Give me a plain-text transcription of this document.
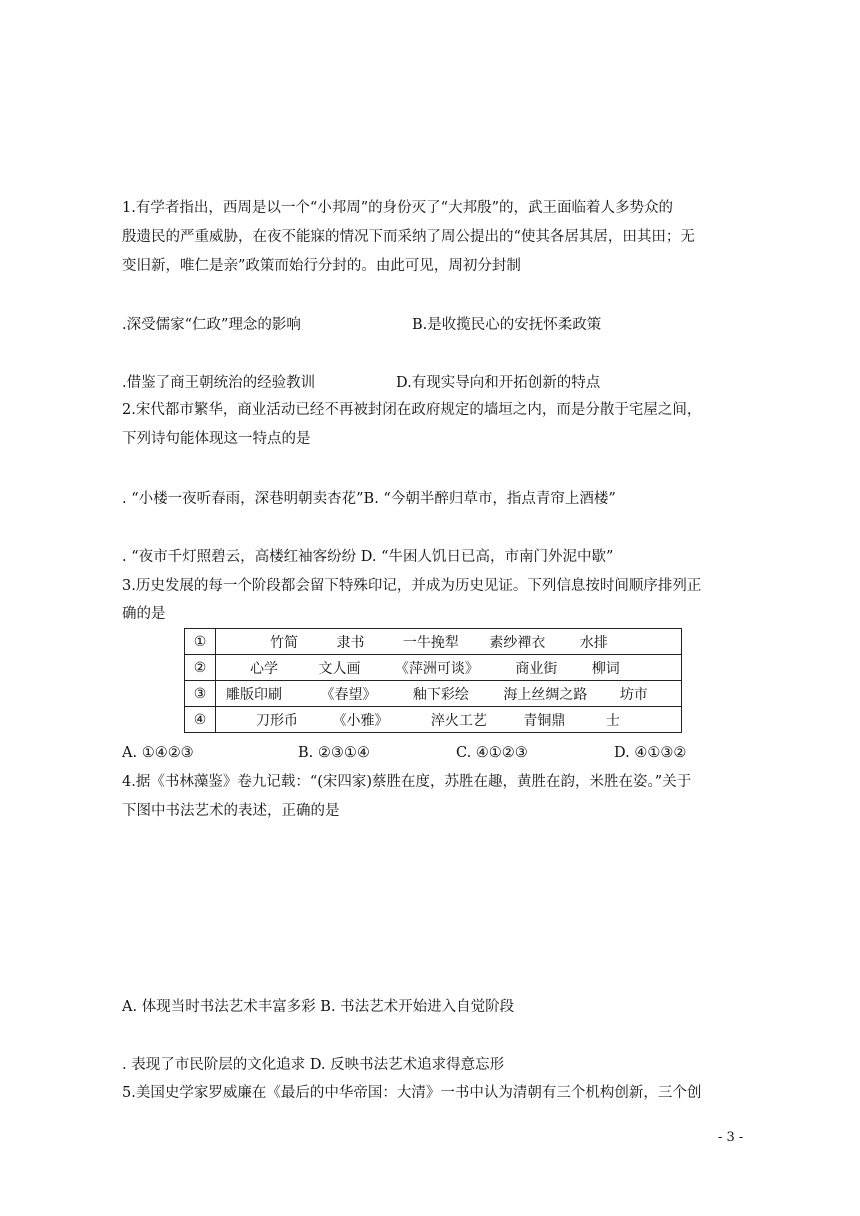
1.有学者指出，西周是以一个“小邦周”的身份灭了“大邦殷”的，武王面临着人多势众的
殷遗民的严重威胁，在夜不能寐的情况下而采纳了周公提出的“使其各居其居，田其田；无
变旧新，唯仁是亲”政策而始行分封的。由此可见，周初分封制
.深受儒家“仁政”理念的影响	B.是收揽民心的安抚怀柔政策
.借鉴了商王朝统治的经验教训	D.有现实导向和开拓创新的特点
2.宋代都市繁华，商业活动已经不再被封闭在政府规定的墙垣之内，而是分散于宅屋之间，
下列诗句能体现这一特点的是
. “小楼一夜听春雨，深巷明朝卖杏花”B. “今朝半醉归草市，指点青帘上酒楼”
. “夜市千灯照碧云，高楼红袖客纷纷 D. “牛困人饥日已高，市南门外泥中歇”
3.历史发展的每一个阶段都会留下特殊印记，并成为历史见证。下列信息按时间顺序排列正
确的是
①	竹简 隶书 一牛挽犁 素纱襌衣 水排
②	心学 文人画 《萍洲可谈》 商业街 柳词
③	雕版印刷 《春望》 釉下彩绘 海上丝绸之路 坊市
④	刀形币 《小雅》 淬火工艺 青铜鼎 士
A. ①④②③	B. ②③①④	C. ④①②③	D. ④①③②
4.据《书林藻鉴》卷九记载：“(宋四家)蔡胜在度，苏胜在趣，黄胜在韵，米胜在姿。”关于
下图中书法艺术的表述，正确的是
A. 体现当时书法艺术丰富多彩 B. 书法艺术开始进入自觉阶段
. 表现了市民阶层的文化追求 D. 反映书法艺术追求得意忘形
5.美国史学家罗威廉在《最后的中华帝国：大清》一书中认为清朝有三个机构创新，三个创
- 3 -
